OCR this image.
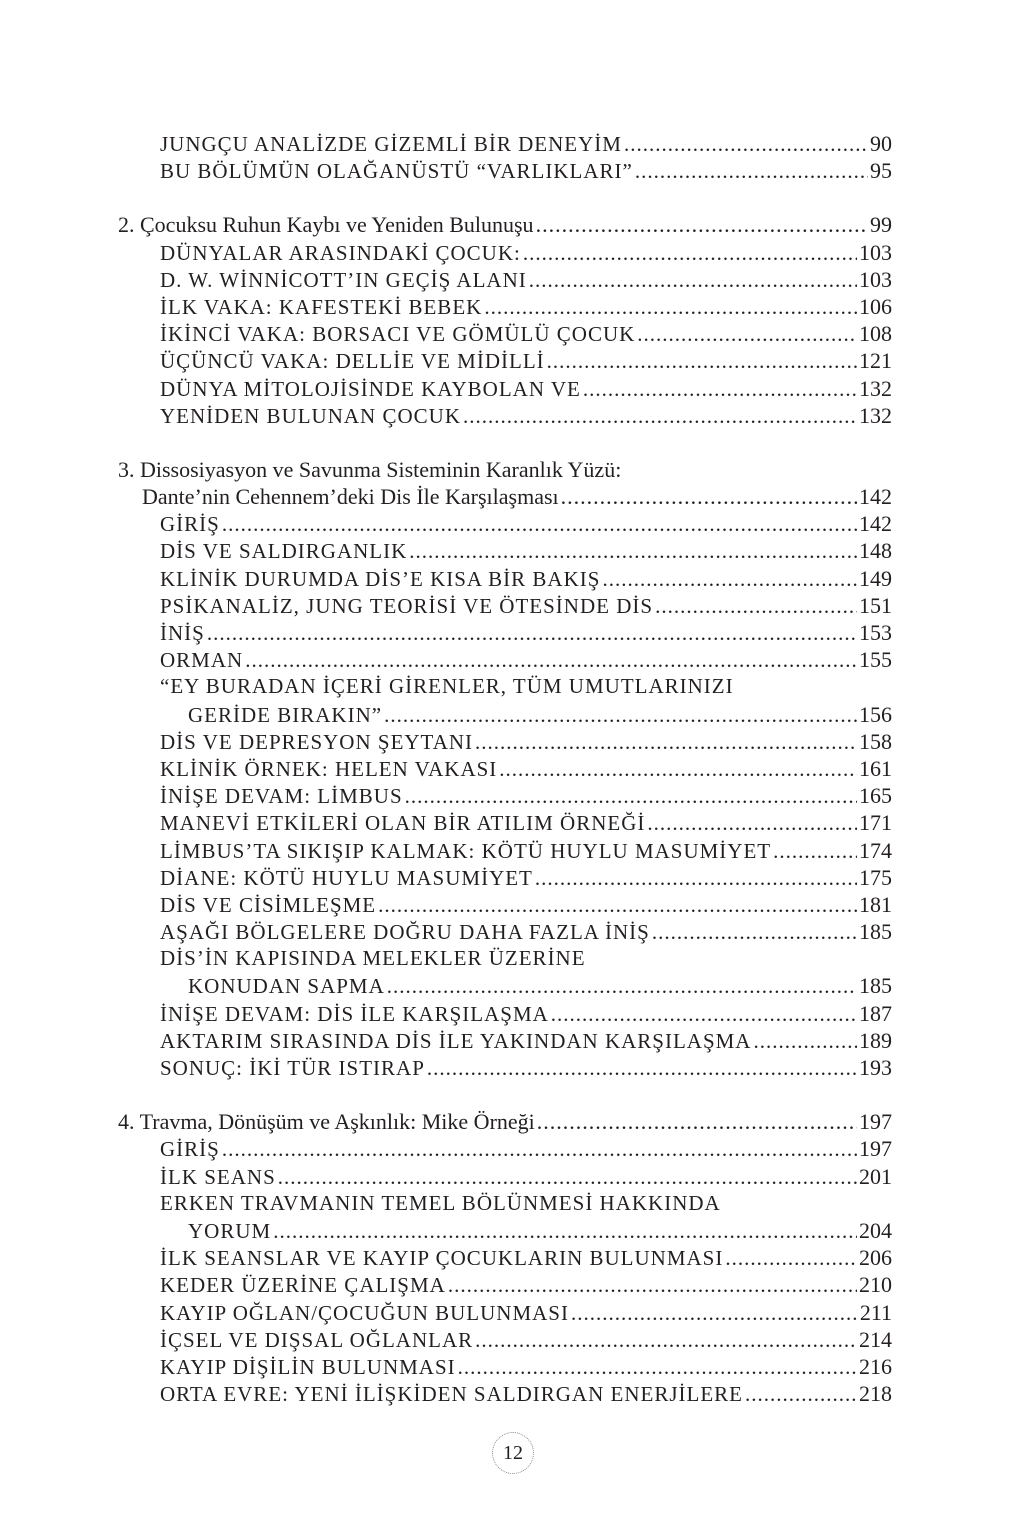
JUNGÇU ANALİZDE GİZEMLİ BİR DENEYİM .....	90
BU BÖLÜMÜN OLAĞANÜSTÜ “VARLIKLARI” .....	95
2. Çocuksu Ruhun Kaybı ve Yeniden Bulunuşu .....	99
DÜNYALAR ARASINDAKİ ÇOCUK: .....	103
D. W. WİNNİCOTT’IN GEÇİŞ ALANI .....	103
İLK VAKA: KAFESTEKİ BEBEK .....	106
İKİNCİ VAKA: BORSACI VE GÖMÜLÜ ÇOCUK .....	108
ÜÇÜNCÜ VAKA: DELLİE VE MİDİLLİ .....	121
DÜNYA MİTOLOJİSİNDE KAYBOLAN VE .....	132
YENİDEN BULUNAN ÇOCUK .....	132
3. Dissosiyasyon ve Savunma Sisteminin Karanlık Yüzü:
Dante’nin Cehennem’deki Dis İle Karşılaşması .....	142
GİRİŞ .....	142
DİS VE SALDIRGANLIK .....	148
KLİNİK DURUMDA DİS’E KISA BİR BAKIŞ .....	149
PSİKANALİZ, JUNG TEORİSİ VE ÖTESİNDE DİS .....	151
İNİŞ .....	153
ORMAN .....	155
“EY BURADAN İÇERİ GİRENLER, TÜM UMUTLARINIZI
GERİDE BIRAKIN” .....	156
DİS VE DEPRESYON ŞEYTANI .....	158
KLİNİK ÖRNEK: HELEN VAKASI .....	161
İNİŞE DEVAM: LİMBUS .....	165
MANEVİ ETKİLERİ OLAN BİR ATILIM ÖRNEĞİ .....	171
LİMBUS’TA SIKIŞIP KALMAK: KÖTÜ HUYLU MASUMİYET .....	174
DİANE: KÖTÜ HUYLU MASUMİYET .....	175
DİS VE CİSİMLEŞME .....	181
AŞAĞI BÖLGELERE DOĞRU DAHA FAZLA İNİŞ .....	185
DİS’İN KAPISINDA MELEKLER ÜZERİNE
KONUDAN SAPMA .....	185
İNİŞE DEVAM: DİS İLE KARŞILAŞMA .....	187
AKTARIM SIRASINDA DİS İLE YAKINDAN KARŞILAŞMA .....	189
SONUÇ: İKİ TÜR ISTIRAP .....	193
4. Travma, Dönüşüm ve Aşkınlık: Mike Örneği .....	197
GİRİŞ .....	197
İLK SEANS .....	201
ERKEN TRAVMANIN TEMEL BÖLÜNMESİ HAKKINDA
YORUM .....	204
İLK SEANSLAR VE KAYIP ÇOCUKLARIN BULUNMASI .....	206
KEDER ÜZERİNE ÇALIŞMA .....	210
KAYIP OĞLAN/ÇOCUĞUN BULUNMASI .....	211
İÇSEL VE DIŞSAL OĞLANLAR .....	214
KAYIP DİŞİLİN BULUNMASI .....	216
ORTA EVRE: YENİ İLİŞKİDEN SALDIRGAN ENERJİLERE .....	218
12
